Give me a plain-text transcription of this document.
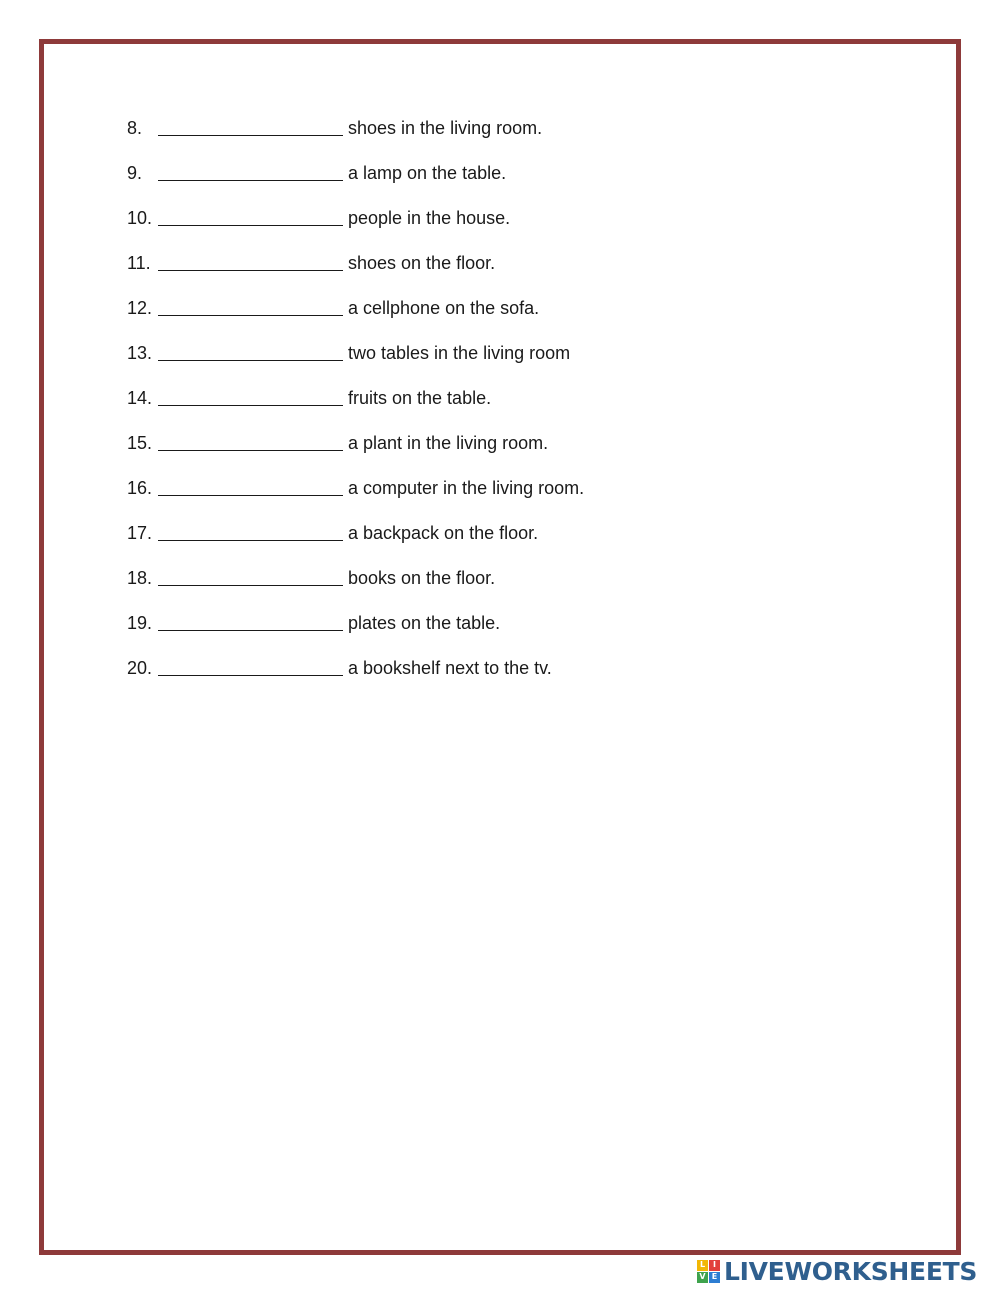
8.	shoes in the living room.
9.	a lamp on the table.
10.	people in the house.
11.	shoes on the floor.
12.	a cellphone on the sofa.
13.	two tables in the living room
14.	fruits on the table.
15.	a plant in the living room.
16.	a computer in the living room.
17.	a backpack on the floor.
18.	books on the floor.
19.	plates on the table.
20.	a bookshelf next to the tv.
L I
V E LIVEWORKSHEETS
